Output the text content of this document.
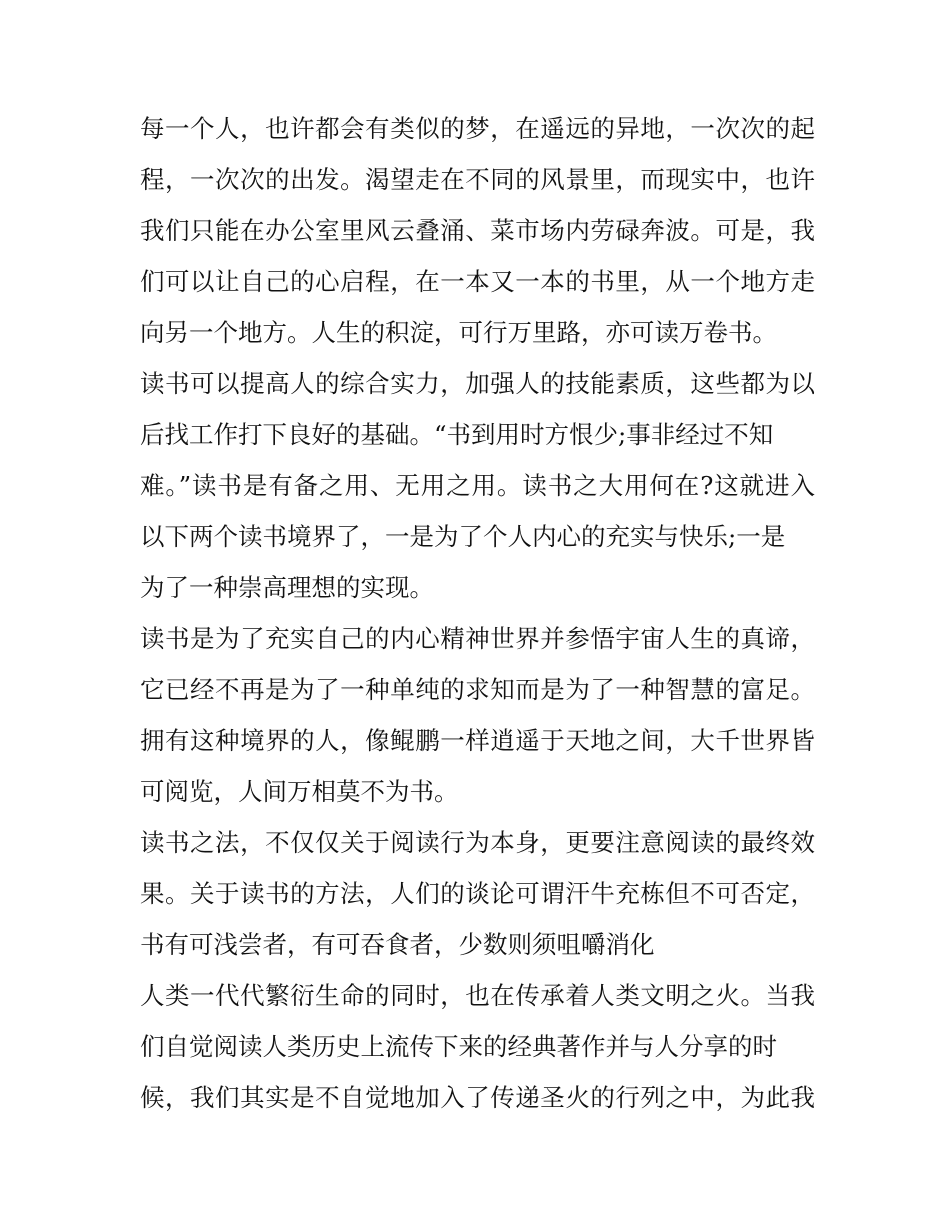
每一个人，也许都会有类似的梦，在遥远的异地，一次次的起
程，一次次的出发。渴望走在不同的风景里，而现实中，也许
我们只能在办公室里风云叠涌、菜市场内劳碌奔波。可是，我
们可以让自己的心启程，在一本又一本的书里，从一个地方走
向另一个地方。人生的积淀，可行万里路，亦可读万卷书。
读书可以提高人的综合实力，加强人的技能素质，这些都为以
后找工作打下良好的基础。“书到用时方恨少;事非经过不知
难。”读书是有备之用、无用之用。读书之大用何在?这就进入
以下两个读书境界了，一是为了个人内心的充实与快乐;一是
为了一种崇高理想的实现。
读书是为了充实自己的内心精神世界并参悟宇宙人生的真谛，
它已经不再是为了一种单纯的求知而是为了一种智慧的富足。
拥有这种境界的人，像鲲鹏一样逍遥于天地之间，大千世界皆
可阅览，人间万相莫不为书。
读书之法，不仅仅关于阅读行为本身，更要注意阅读的最终效
果。关于读书的方法，人们的谈论可谓汗牛充栋但不可否定，
书有可浅尝者，有可吞食者，少数则须咀嚼消化
人类一代代繁衍生命的同时，也在传承着人类文明之火。当我
们自觉阅读人类历史上流传下来的经典著作并与人分享的时
候，我们其实是不自觉地加入了传递圣火的行列之中，为此我
